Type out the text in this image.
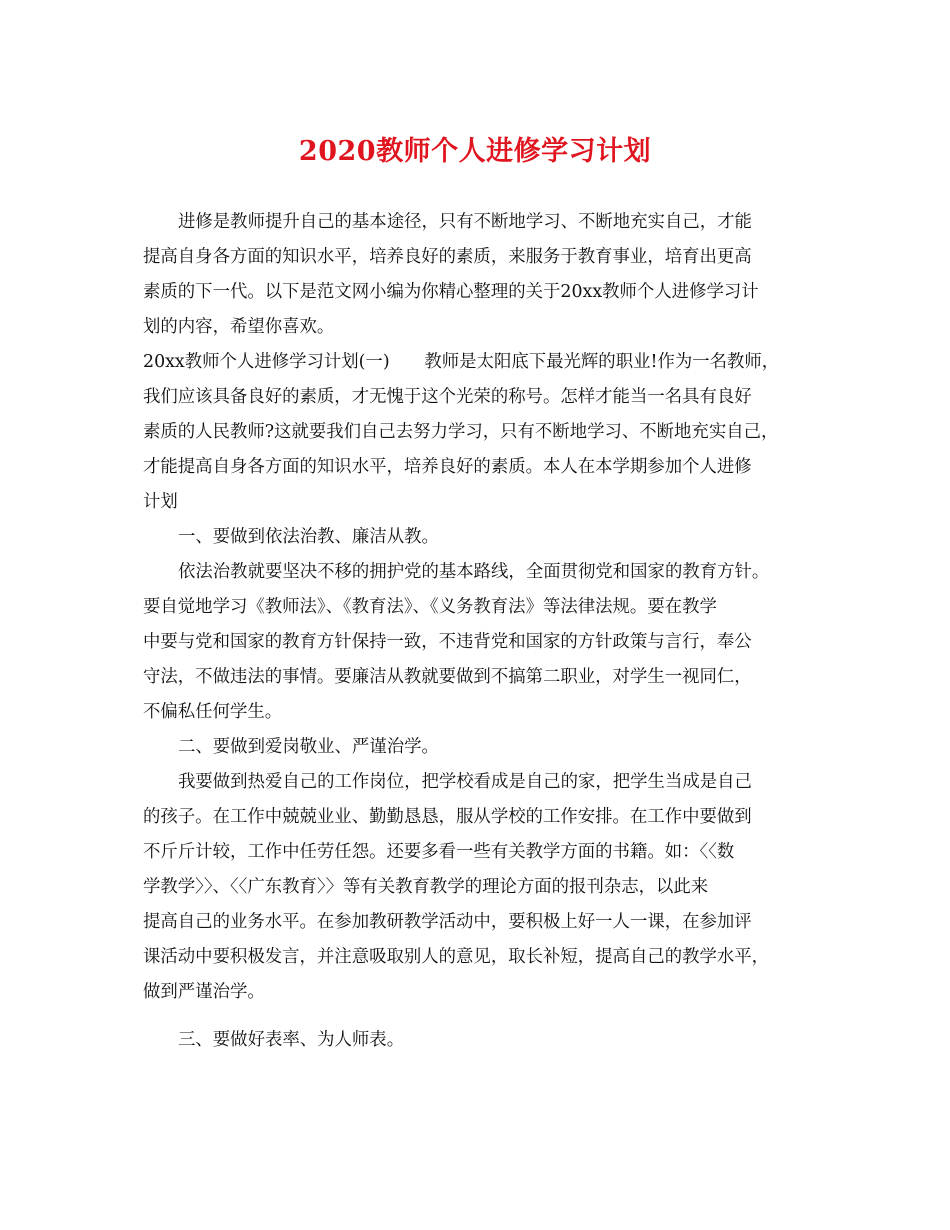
2020教师个人进修学习计划
进修是教师提升自己的基本途径，只有不断地学习、不断地充实自己，才能
提高自身各方面的知识水平，培养良好的素质，来服务于教育事业，培育出更高
素质的下一代。以下是范文网小编为你精心整理的关于20xx教师个人进修学习计
划的内容，希望你喜欢。
20xx教师个人进修学习计划(一)　　教师是太阳底下最光辉的职业!作为一名教师，
我们应该具备良好的素质，才无愧于这个光荣的称号。怎样才能当一名具有良好
素质的人民教师?这就要我们自己去努力学习，只有不断地学习、不断地充实自己，
才能提高自身各方面的知识水平，培养良好的素质。本人在本学期参加个人进修
计划
一、要做到依法治教、廉洁从教。
依法治教就要坚决不移的拥护党的基本路线，全面贯彻党和国家的教育方针。
要自觉地学习《教师法》、《教育法》、《义务教育法》等法律法规。要在教学
中要与党和国家的教育方针保持一致，不违背党和国家的方针政策与言行，奉公
守法，不做违法的事情。要廉洁从教就要做到不搞第二职业，对学生一视同仁，
不偏私任何学生。
二、要做到爱岗敬业、严谨治学。
我要做到热爱自己的工作岗位，把学校看成是自己的家，把学生当成是自己
的孩子。在工作中兢兢业业、勤勤恳恳，服从学校的工作安排。在工作中要做到
不斤斤计较，工作中任劳任怨。还要多看一些有关教学方面的书籍。如：〈〈数
学教学〉〉、〈〈广东教育〉〉等有关教育教学的理论方面的报刊杂志，以此来
提高自己的业务水平。在参加教研教学活动中，要积极上好一人一课，在参加评
课活动中要积极发言，并注意吸取别人的意见，取长补短，提高自己的教学水平，
做到严谨治学。
三、要做好表率、为人师表。
